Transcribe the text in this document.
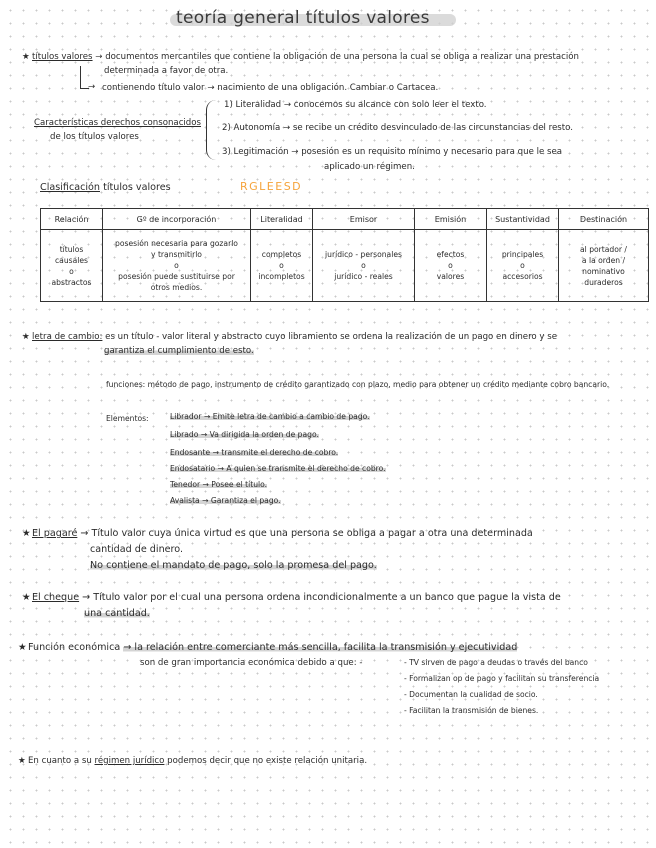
teoría general títulos valores
★ títulos valores → documentos mercantiles que contiene la obligación de una persona la cual se obliga a realizar una prestación
determinada a favor de otra.
→ contienendo título valor → nacimiento de una obligación. Cambiar o Cartacea.
Características derechos consonacidos
de los títulos valores
1) Literalidad → conocemos su alcance con solo leer el texto.
2) Autonomía → se recibe un crédito desvinculado de las circunstancias del resto.
3) Legitimación → posesión es un requisito mínimo y necesario para que le sea
aplicado un régimen.
Clasificación títulos valores	RGLEESD
Relación	Gº de incorporación	Literalidad	Emisor	Emisión	Sustantividad	Destinación

títulos
causales
o
abstractos	posesión necesaria para gozarlo
y transmitirlo
o
posesión puede sustituirse por
otros medios.	completos
o
incompletos	jurídico - personales
o
jurídico - reales	efectos
o
valores	principales
o
accesorios	al portador /
a la orden /
nominativo
duraderos
★ letra de cambio: es un título - valor literal y abstracto cuyo libramiento se ordena la realización de un pago en dinero y se
garantiza el cumplimiento de esto.
funciones: método de pago, instrumento de crédito garantizado con plazo, medio para obtener un crédito mediante cobro bancario.
Elementos:	Librador → Emite letra de cambio a cambio de pago.
Librado → Va dirigida la orden de pago.
Endosante → transmite el derecho de cobro.
Endosatario → A quien se transmite el derecho de cobro.
Tenedor → Posee el título.
Avalista → Garantiza el pago.
★ El pagaré → Título valor cuya única virtud es que una persona se obliga a pagar a otra una determinada
cantidad de dinero.
No contiene el mandato de pago, solo la promesa del pago.
★ El cheque → Título valor por el cual una persona ordena incondicionalmente a un banco que pague la vista de
una cantidad.
★ Función económica → la relación entre comerciante más sencilla, facilita la transmisión y ejecutividad
son de gran importancia económica debido a que: -	- TV sirven de pago a deudas o través del banco
- Formalizan op de pago y facilitan su transferencia
- Documentan la cualidad de socio.
- Facilitan la transmisión de bienes.
★ En cuanto a su régimen jurídico podemos decir que no existe relación unitaria.
